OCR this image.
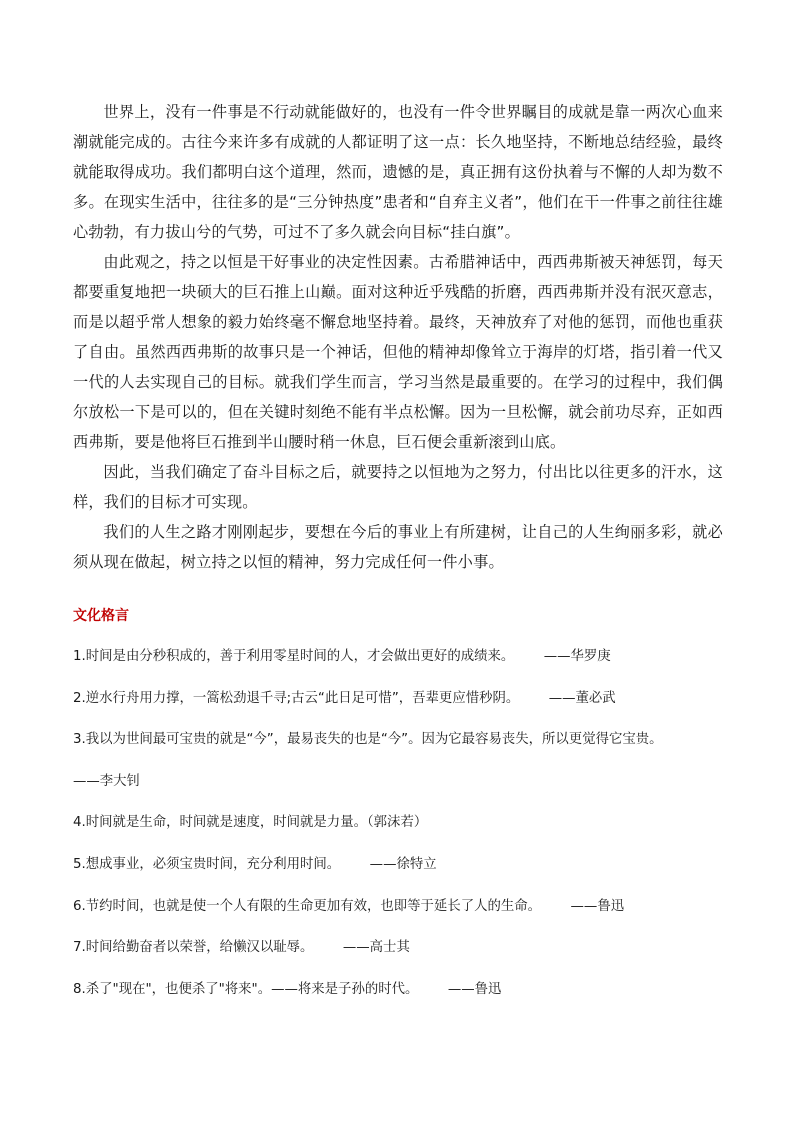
世界上，没有一件事是不行动就能做好的，也没有一件令世界瞩目的成就是靠一两次心血来潮就能完成的。古往今来许多有成就的人都证明了这一点：长久地坚持，不断地总结经验，最终就能取得成功。我们都明白这个道理，然而，遗憾的是，真正拥有这份执着与不懈的人却为数不多。在现实生活中，往往多的是“三分钟热度”患者和“自弃主义者”，他们在干一件事之前往往雄心勃勃，有力拔山兮的气势，可过不了多久就会向目标“挂白旗”。

由此观之，持之以恒是干好事业的决定性因素。古希腊神话中，西西弗斯被天神惩罚，每天都要重复地把一块硕大的巨石推上山巅。面对这种近乎残酷的折磨，西西弗斯并没有泯灭意志，而是以超乎常人想象的毅力始终毫不懈怠地坚持着。最终，天神放弃了对他的惩罚，而他也重获了自由。虽然西西弗斯的故事只是一个神话，但他的精神却像耸立于海岸的灯塔，指引着一代又一代的人去实现自己的目标。就我们学生而言，学习当然是最重要的。在学习的过程中，我们偶尔放松一下是可以的，但在关键时刻绝不能有半点松懈。因为一旦松懈，就会前功尽弃，正如西西弗斯，要是他将巨石推到半山腰时稍一休息，巨石便会重新滚到山底。

因此，当我们确定了奋斗目标之后，就要持之以恒地为之努力，付出比以往更多的汗水，这样，我们的目标才可实现。

我们的人生之路才刚刚起步，要想在今后的事业上有所建树，让自己的人生绚丽多彩，就必须从现在做起，树立持之以恒的精神，努力完成任何一件小事。

文化格言
1.时间是由分秒积成的，善于利用零星时间的人，才会做出更好的成绩来。 ——华罗庚
2.逆水行舟用力撑，一篙松劲退千寻;古云“此日足可惜”，吾辈更应惜秒阴。 ——董必武
3.我以为世间最可宝贵的就是“今”，最易丧失的也是“今”。因为它最容易丧失，所以更觉得它宝贵。
——李大钊
4.时间就是生命，时间就是速度，时间就是力量。（郭沫若）
5.想成事业，必须宝贵时间，充分利用时间。 ——徐特立
6.节约时间，也就是使一个人有限的生命更加有效，也即等于延长了人的生命。 ——鲁迅
7.时间给勤奋者以荣誉，给懒汉以耻辱。 ——高士其
8.杀了"现在"，也便杀了"将来"。——将来是子孙的时代。 ——鲁迅
